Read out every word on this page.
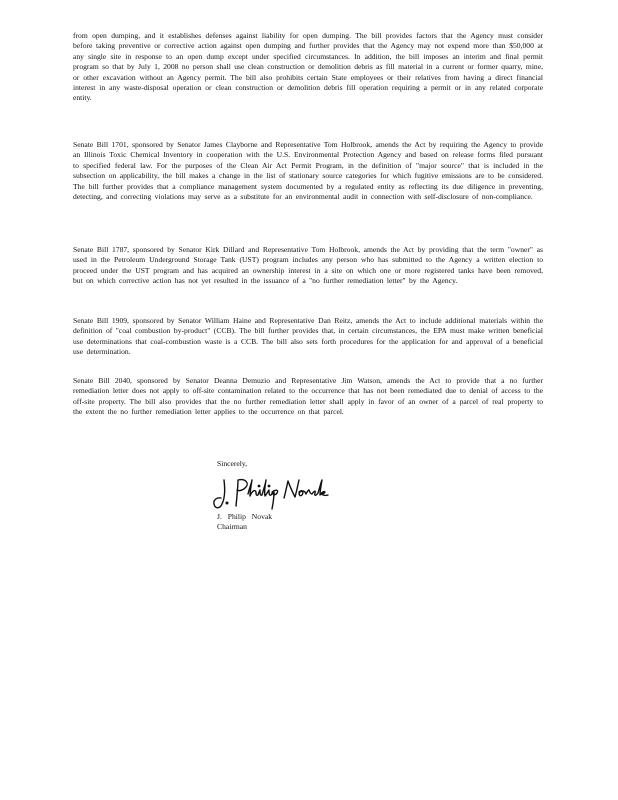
from open dumping, and it establishes defenses against liability for open dumping. The bill provides factors that the Agency must consider before taking preventive or corrective action against open dumping and further provides that the Agency may not expend more than $50,000 at any single site in response to an open dump except under specified circumstances. In addition, the bill imposes an interim and final permit program so that by July 1, 2008 no person shall use clean construction or demolition debris as fill material in a current or former quarry, mine, or other excavation without an Agency permit. The bill also prohibits certain State employees or their relatives from having a direct financial interest in any waste-disposal operation or clean construction or demolition debris fill operation requiring a permit or in any related corporate entity.

Senate Bill 1701, sponsored by Senator James Clayborne and Representative Tom Holbrook, amends the Act by requiring the Agency to provide an Illinois Toxic Chemical Inventory in cooperation with the U.S. Environmental Protection Agency and based on release forms filed pursuant to specified federal law. For the purposes of the Clean Air Act Permit Program, in the definition of "major source" that is included in the subsection on applicability, the bill makes a change in the list of stationary source categories for which fugitive emissions are to be considered. The bill further provides that a compliance management system documented by a regulated entity as reflecting its due diligence in preventing, detecting, and correcting violations may serve as a substitute for an environmental audit in connection with self-disclosure of non-compliance.

Senate Bill 1787, sponsored by Senator Kirk Dillard and Representative Tom Holbrook, amends the Act by providing that the term "owner" as used in the Petroleum Underground Storage Tank (UST) program includes any person who has submitted to the Agency a written election to proceed under the UST program and has acquired an ownership interest in a site on which one or more registered tanks have been removed, but on which corrective action has not yet resulted in the issuance of a "no further remediation letter" by the Agency.

Senate Bill 1909, sponsored by Senator William Haine and Representative Dan Reitz, amends the Act to include additional materials within the definition of "coal combustion by-product" (CCB). The bill further provides that, in certain circumstances, the EPA must make written beneficial use determinations that coal-combustion waste is a CCB. The bill also sets forth procedures for the application for and approval of a beneficial use determination.

Senate Bill 2040, sponsored by Senator Deanna Demuzio and Representative Jim Watson, amends the Act to provide that a no further remediation letter does not apply to off-site contamination related to the occurrence that has not been remediated due to denial of access to the off-site property. The bill also provides that the no further remediation letter shall apply in favor of an owner of a parcel of real property to the extent the no further remediation letter applies to the occurrence on that parcel.

Sincerely,
J. Philip Novak
Chairman
